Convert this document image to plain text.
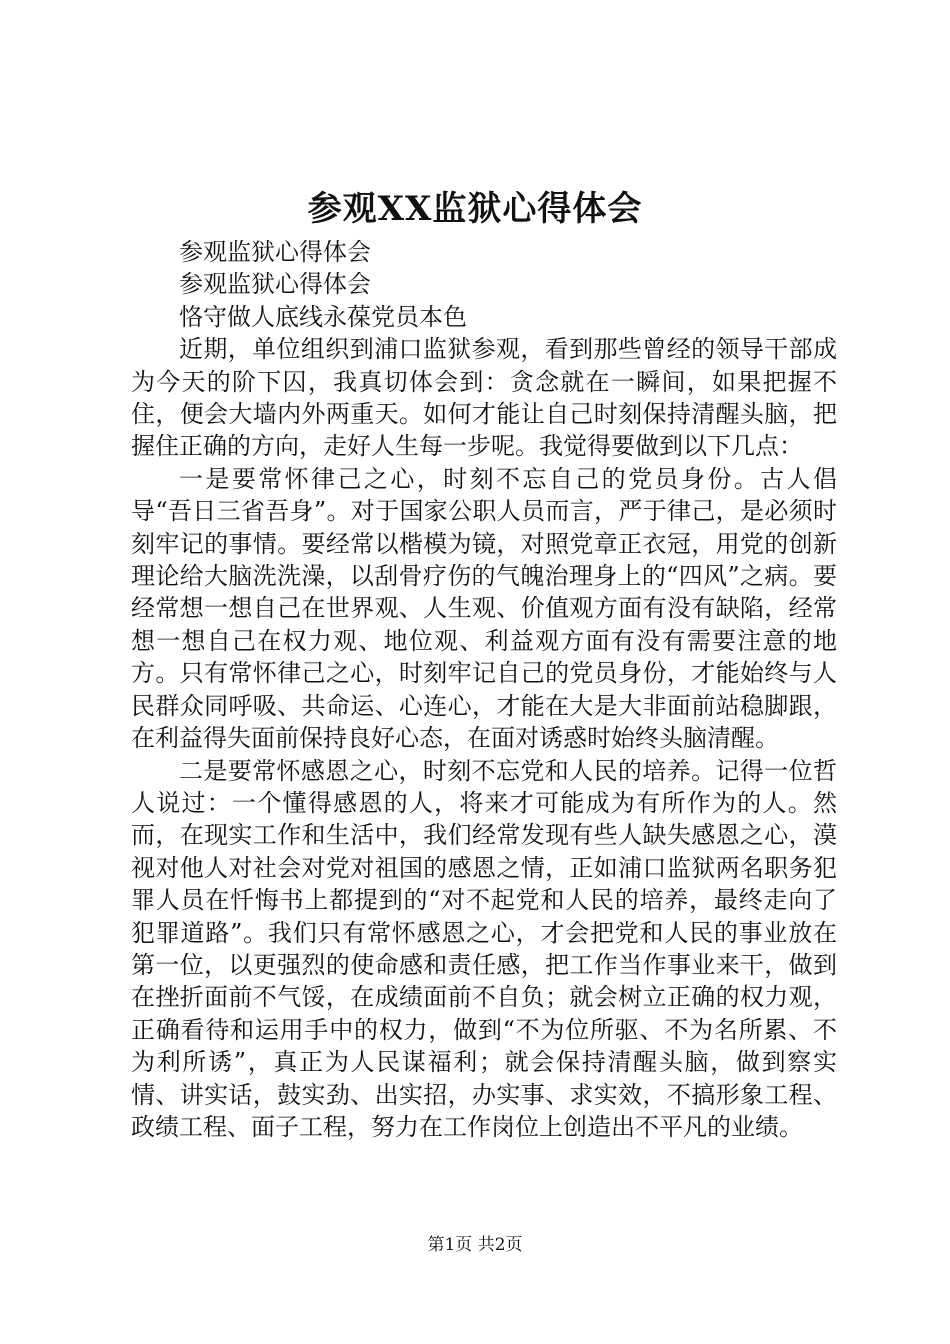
参观XX监狱心得体会

参观监狱心得体会

参观监狱心得体会

恪守做人底线永葆党员本色

近期，单位组织到浦口监狱参观，看到那些曾经的领导干部成为今天的阶下囚，我真切体会到：贪念就在一瞬间，如果把握不住，便会大墙内外两重天。如何才能让自己时刻保持清醒头脑，把握住正确的方向，走好人生每一步呢。我觉得要做到以下几点：

一是要常怀律己之心，时刻不忘自己的党员身份。古人倡导“吾日三省吾身”。对于国家公职人员而言，严于律己，是必须时刻牢记的事情。要经常以楷模为镜，对照党章正衣冠，用党的创新理论给大脑洗洗澡，以刮骨疗伤的气魄治理身上的“四风”之病。要经常想一想自己在世界观、人生观、价值观方面有没有缺陷，经常想一想自己在权力观、地位观、利益观方面有没有需要注意的地方。只有常怀律己之心，时刻牢记自己的党员身份，才能始终与人民群众同呼吸、共命运、心连心，才能在大是大非面前站稳脚跟，在利益得失面前保持良好心态，在面对诱惑时始终头脑清醒。

二是要常怀感恩之心，时刻不忘党和人民的培养。记得一位哲人说过：一个懂得感恩的人，将来才可能成为有所作为的人。然而，在现实工作和生活中，我们经常发现有些人缺失感恩之心，漠视对他人对社会对党对祖国的感恩之情，正如浦口监狱两名职务犯罪人员在忏悔书上都提到的“对不起党和人民的培养，最终走向了犯罪道路”。我们只有常怀感恩之心，才会把党和人民的事业放在第一位，以更强烈的使命感和责任感，把工作当作事业来干，做到在挫折面前不气馁，在成绩面前不自负；就会树立正确的权力观，正确看待和运用手中的权力，做到“不为位所驱、不为名所累、不为利所诱”，真正为人民谋福利；就会保持清醒头脑，做到察实情、讲实话，鼓实劲、出实招，办实事、求实效，不搞形象工程、政绩工程、面子工程，努力在工作岗位上创造出不平凡的业绩。

第1页 共2页
